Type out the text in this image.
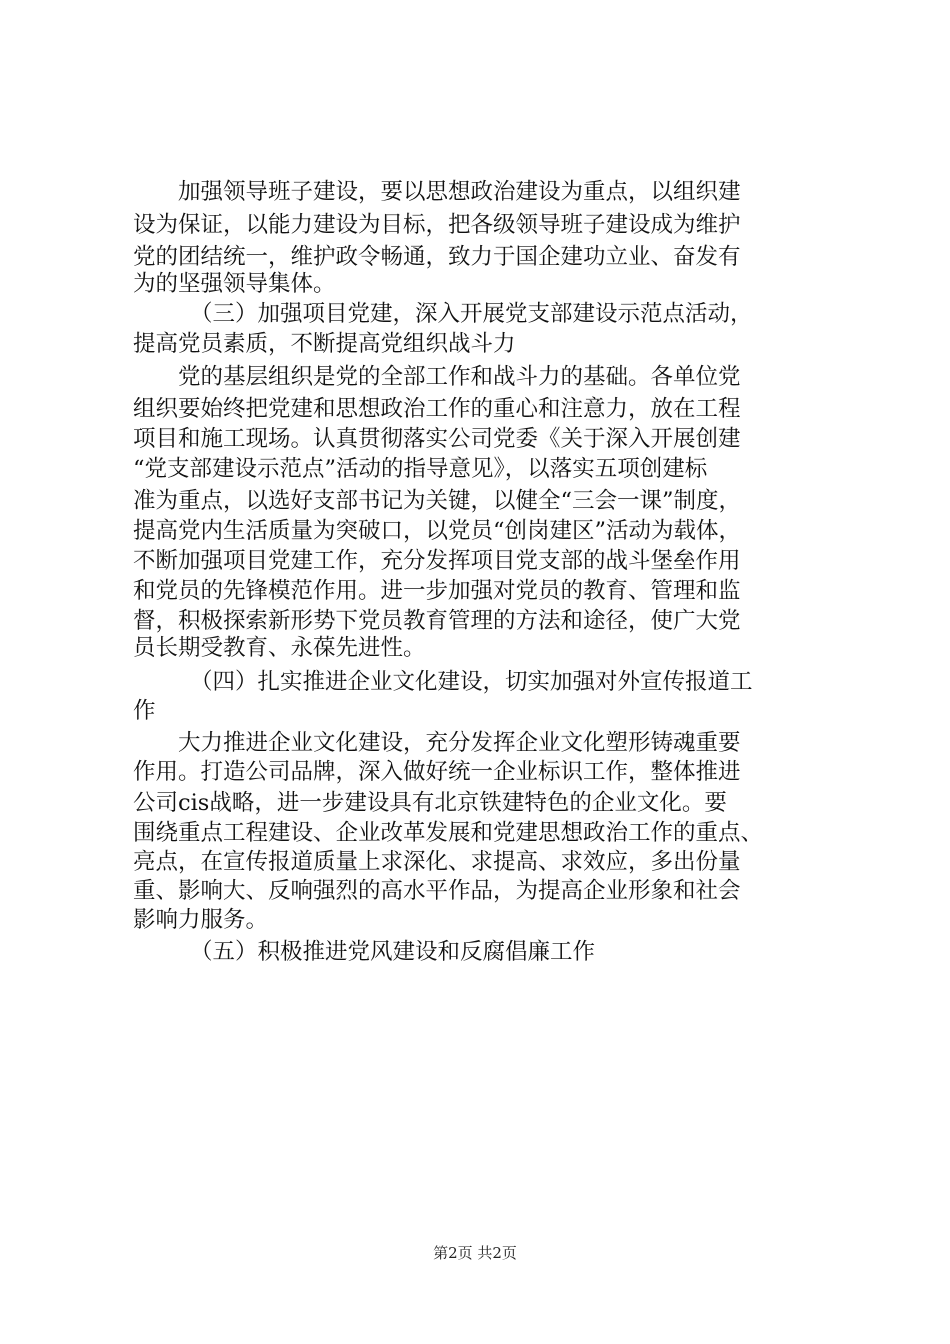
加强领导班子建设，要以思想政治建设为重点，以组织建
设为保证，以能力建设为目标，把各级领导班子建设成为维护
党的团结统一，维护政令畅通，致力于国企建功立业、奋发有
为的坚强领导集体。
（三）加强项目党建，深入开展党支部建设示范点活动，
提高党员素质，不断提高党组织战斗力
党的基层组织是党的全部工作和战斗力的基础。各单位党
组织要始终把党建和思想政治工作的重心和注意力，放在工程
项目和施工现场。认真贯彻落实公司党委《关于深入开展创建
“党支部建设示范点”活动的指导意见》，以落实五项创建标
准为重点，以选好支部书记为关键，以健全“三会一课”制度，
提高党内生活质量为突破口，以党员“创岗建区”活动为载体，
不断加强项目党建工作，充分发挥项目党支部的战斗堡垒作用
和党员的先锋模范作用。进一步加强对党员的教育、管理和监
督，积极探索新形势下党员教育管理的方法和途径，使广大党
员长期受教育、永葆先进性。
（四）扎实推进企业文化建设，切实加强对外宣传报道工
作
大力推进企业文化建设，充分发挥企业文化塑形铸魂重要
作用。打造公司品牌，深入做好统一企业标识工作，整体推进
公司cis战略，进一步建设具有北京铁建特色的企业文化。要
围绕重点工程建设、企业改革发展和党建思想政治工作的重点、
亮点，在宣传报道质量上求深化、求提高、求效应，多出份量
重、影响大、反响强烈的高水平作品，为提高企业形象和社会
影响力服务。
（五）积极推进党风建设和反腐倡廉工作
第2页 共2页
